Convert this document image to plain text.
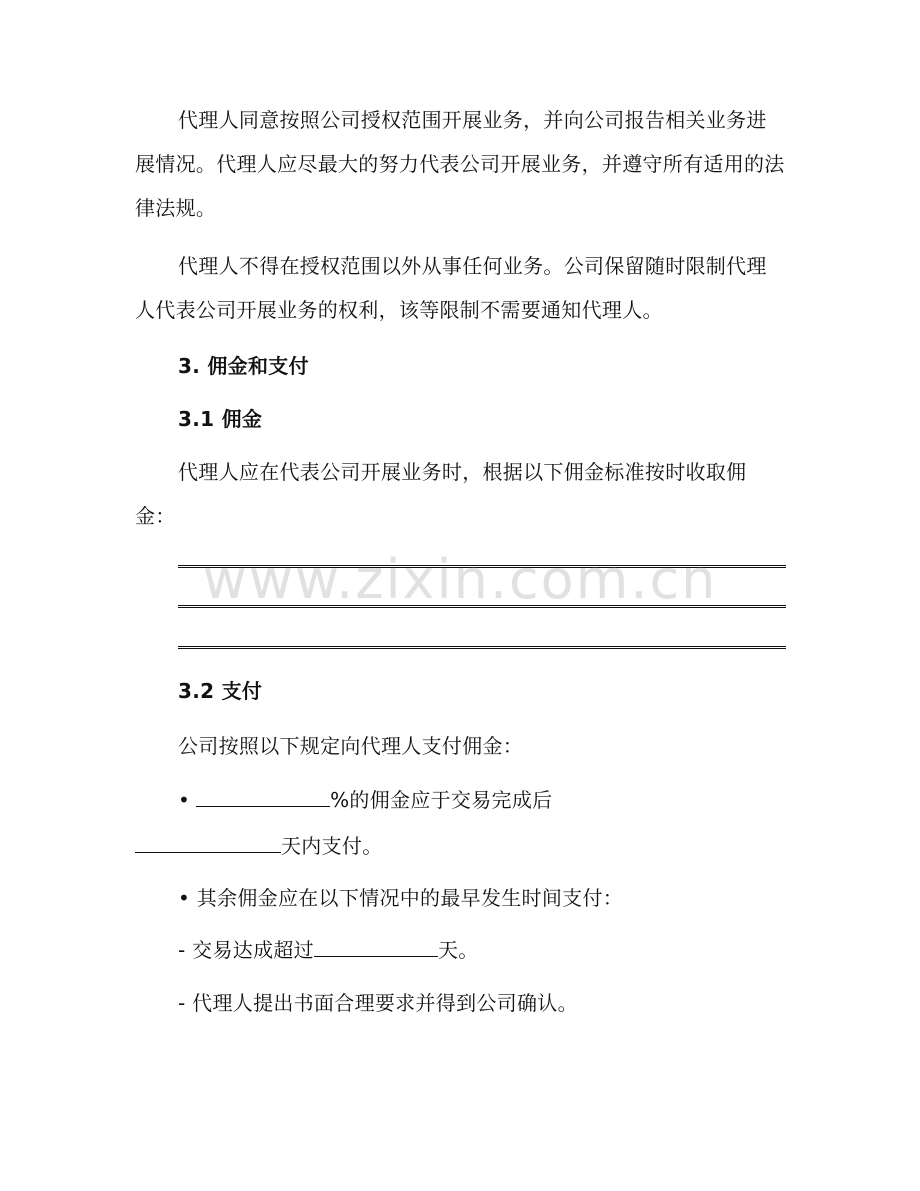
代理人同意按照公司授权范围开展业务，并向公司报告相关业务进展情况。代理人应尽最大的努力代表公司开展业务，并遵守所有适用的法律法规。

代理人不得在授权范围以外从事任何业务。公司保留随时限制代理人代表公司开展业务的权利，该等限制不需要通知代理人。

3. 佣金和支付

3.1 佣金

代理人应在代表公司开展业务时，根据以下佣金标准按时收取佣金：

3.2 支付

公司按照以下规定向代理人支付佣金：

•	%的佣金应于交易完成后

天内支付。

• 其余佣金应在以下情况中的最早发生时间支付：

- 交易达成超过	天。

- 代理人提出书面合理要求并得到公司确认。

www.zixin.com.cn
